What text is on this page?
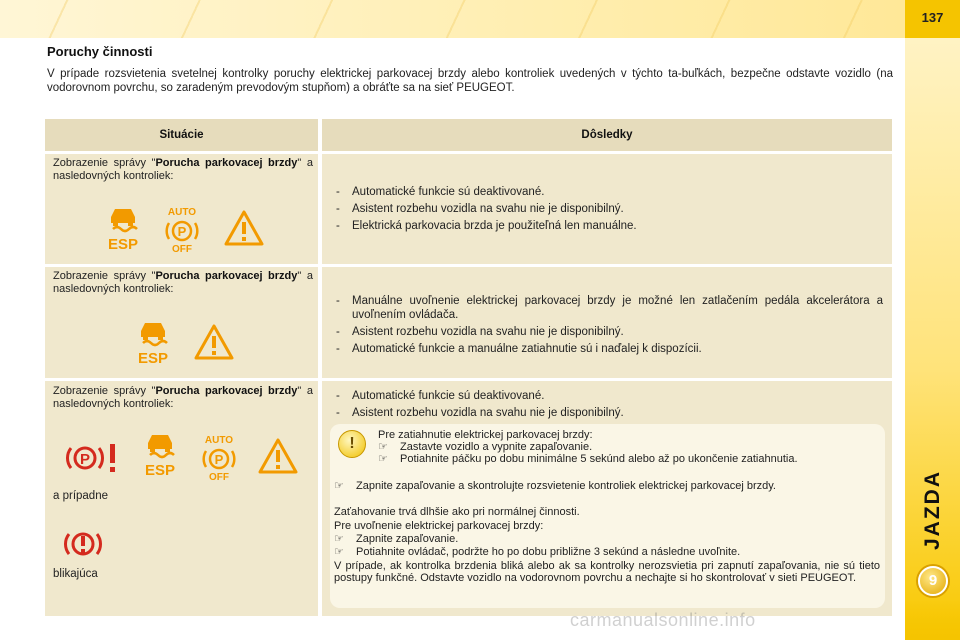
137
JAZDA
9
Poruchy činnosti
V prípade rozsvietenia svetelnej kontrolky poruchy elektrickej parkovacej brzdy alebo kontroliek uvedených v týchto ta-buľkách, bezpečne odstavte vozidlo (na vodorovnom povrchu, so zaradeným prevodovým stupňom) a obráťte sa na sieť PEUGEOT.
Situácie	Dôsledky
Zobrazenie správy "Porucha parkovacej brzdy" a nasledovných kontroliek:
ESP
AUTO
P
OFF
- Automatické funkcie sú deaktivované.
- Asistent rozbehu vozidla na svahu nie je disponibilný.
- Elektrická parkovacia brzda je použiteľná len manuálne.
Zobrazenie správy "Porucha parkovacej brzdy" a nasledovných kontroliek:
ESP
- Manuálne uvoľnenie elektrickej parkovacej brzdy je možné len zatlačením pedála akcelerátora a uvoľnením ovládača.
- Asistent rozbehu vozidla na svahu nie je disponibilný.
- Automatické funkcie a manuálne zatiahnutie sú i naďalej k dispozícii.
Zobrazenie správy "Porucha parkovacej brzdy" a nasledovných kontroliek:
P
ESP
AUTO
P
OFF
a prípadne
blikajúca
- Automatické funkcie sú deaktivované.
- Asistent rozbehu vozidla na svahu nie je disponibilný.
!	Pre zatiahnutie elektrickej parkovacej brzdy:
☞ Zastavte vozidlo a vypnite zapaľovanie.
☞ Potiahnite páčku po dobu minimálne 5 sekúnd alebo až po ukončenie zatiahnutia.
☞ Zapnite zapaľovanie a skontrolujte rozsvietenie kontroliek elektrickej parkovacej brzdy.
Zaťahovanie trvá dlhšie ako pri normálnej činnosti.
Pre uvoľnenie elektrickej parkovacej brzdy:
☞ Zapnite zapaľovanie.
☞ Potiahnite ovládač, podržte ho po dobu približne 3 sekúnd a následne uvoľnite.
V prípade, ak kontrolka brzdenia bliká alebo ak sa kontrolky nerozsvietia pri zapnutí zapaľovania, nie sú tieto postupy funkčné. Odstavte vozidlo na vodorovnom povrchu a nechajte si ho skontrolovať v sieti PEUGEOT.
carmanualsonline.info
